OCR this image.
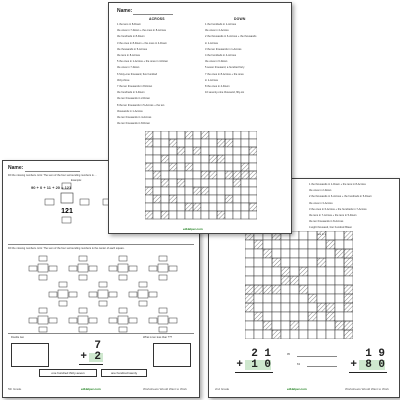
Name:
Fill the missing numbers. Hint: The sum of the four surrounding numbers is ...
Example:
121
90 + 0 + 11 + 20 = 121
Fill the missing numbers. Hint: The sum of the four surrounding numbers is the center of each square.
Double two	What is ten less than ???
7
+ 2
one hundred thirty-seven	one hundred twenty
5th Grade	edHelper.com	Worksheets Would Want to Work
1 the thousands in 1-Down + the tens in 8-Across
the ones in 2-Down
2 the thousands in 6-Across + the hundreds in 5-Down
the ones in 3-Across
3 the ones in 6-Across + the hundreds in 7-Across
the tens in 7-Across + the tens in 5-Down
the ten thousands in 8-Across
4 eight thousand, four hundred fifteen
2 1
+ 1 0
95
63
1 9
+ 8 0
2nd Grade	edHelper.com	Worksheets Would Want to Work
Name:
ACROSS	DOWN
1 the tens in 8-Down
the ones in 7-Down + the ones in 8-Across
the hundreds in 8-Down
3 the ones in 8-Down + the ones in 4-Down
the thousands in 5-Across
the tens in 8-Across
5 the ones in 1-Across + the ones in 4-Down
the ones in 7-Down
6 Sixty-one thousand, five hundred
thirty-three
7 the ten thousands in 8-Down
the hundreds in 3-Down
the ten thousands in 2-Down
8 the ten thousands in 5-Across + the ten
thousands in 1-Across
the ten thousands in 4-Across
the ten thousands in 8-Down
1 the hundreds in 1-Across
the ones in 4-Across
2 the thousands in 6-Across + the thousands
in 1-Across
3 the ten thousands in 1-Across
4 the hundreds in 4-Across
the ones in 6-Down
5 seven thousand, a hundred forty
7 the ones in 8-Across + the ones
in 1-Across
8 the ones in 4-Down
10 seventy-nine thousand, fifty-six
edHelper.com
